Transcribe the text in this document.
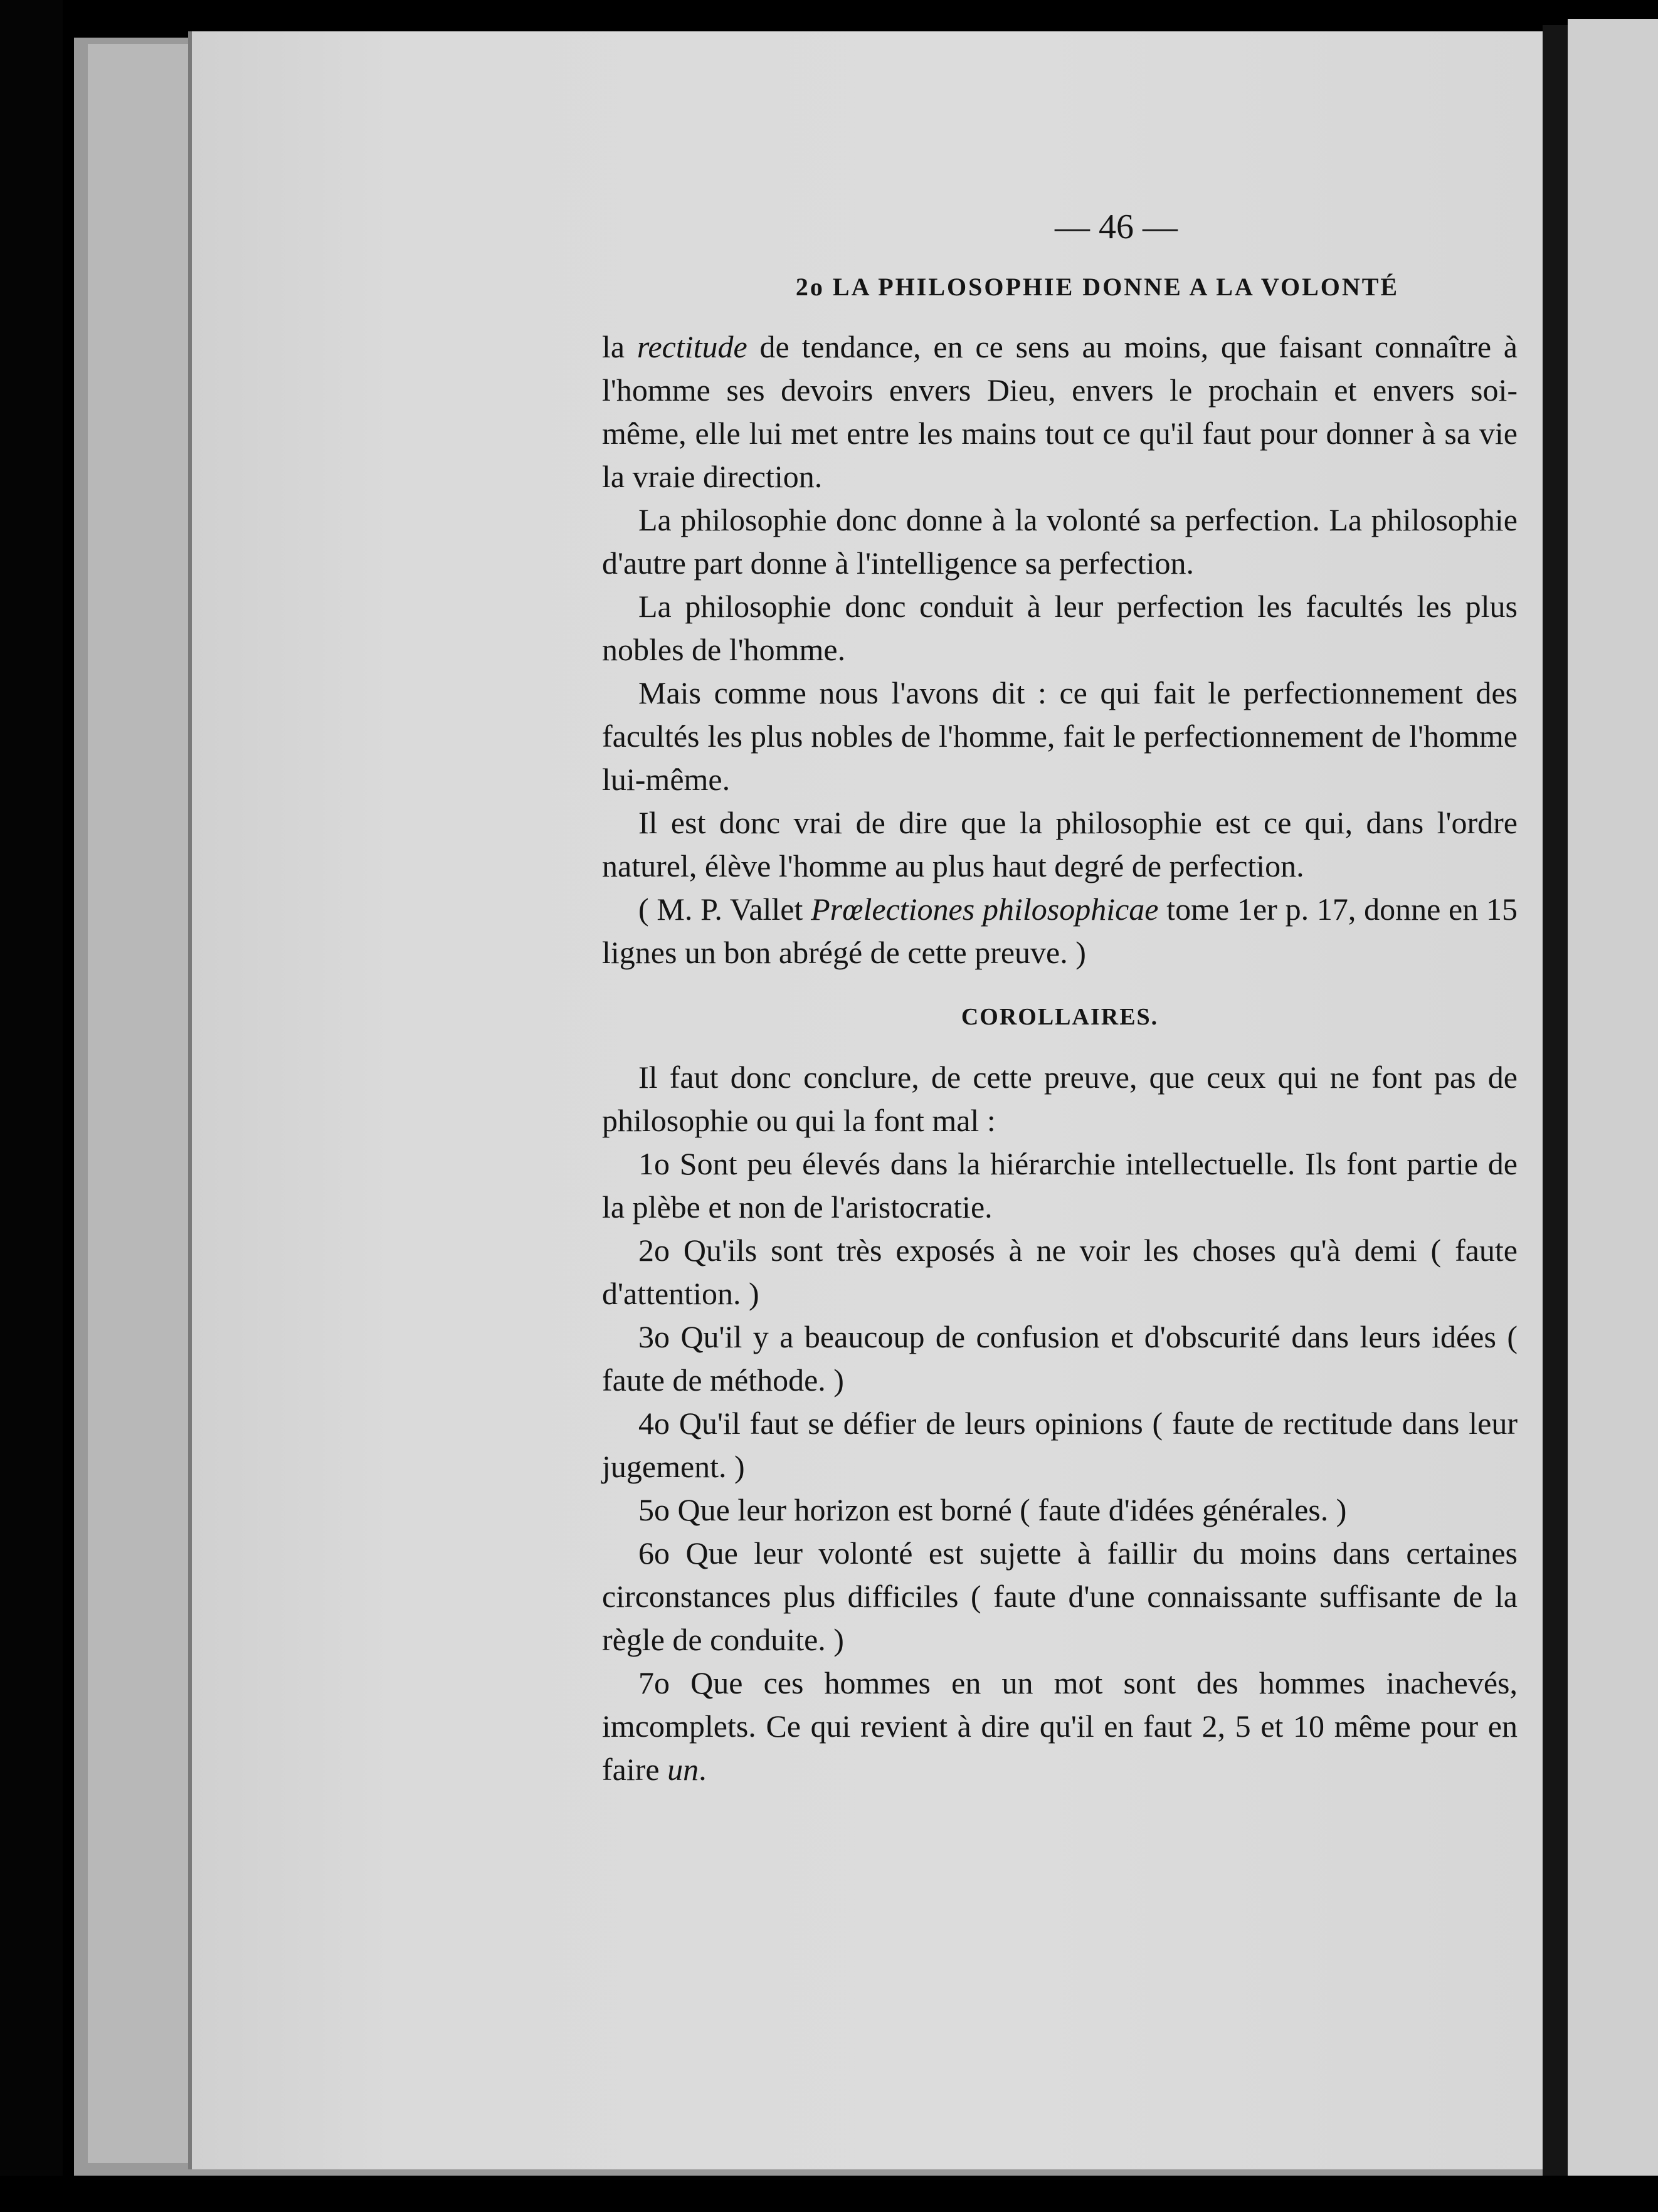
— 46 —
2o LA PHILOSOPHIE DONNE A LA VOLONTÉ

la rectitude de tendance, en ce sens au moins, que faisant connaître à l'homme ses devoirs envers Dieu, envers le prochain et envers soi-même, elle lui met entre les mains tout ce qu'il faut pour donner à sa vie la vraie direction.

La philosophie donc donne à la volonté sa perfection. La philosophie d'autre part donne à l'intelligence sa perfection.

La philosophie donc conduit à leur perfection les facultés les plus nobles de l'homme.

Mais comme nous l'avons dit : ce qui fait le perfectionnement des facultés les plus nobles de l'homme, fait le perfectionnement de l'homme lui-même.

Il est donc vrai de dire que la philosophie est ce qui, dans l'ordre naturel, élève l'homme au plus haut degré de perfection.

( M. P. Vallet Prœlectiones philosophicae tome 1er p. 17, donne en 15 lignes un bon abrégé de cette preuve. )

COROLLAIRES.

Il faut donc conclure, de cette preuve, que ceux qui ne font pas de philosophie ou qui la font mal :

1o Sont peu élevés dans la hiérarchie intellectuelle. Ils font partie de la plèbe et non de l'aristocratie.

2o Qu'ils sont très exposés à ne voir les choses qu'à demi ( faute d'attention. )

3o Qu'il y a beaucoup de confusion et d'obscurité dans leurs idées ( faute de méthode. )

4o Qu'il faut se défier de leurs opinions ( faute de rectitude dans leur jugement. )

5o Que leur horizon est borné ( faute d'idées générales. )

6o Que leur volonté est sujette à faillir du moins dans certaines circonstances plus difficiles ( faute d'une connaissante suffisante de la règle de conduite. )

7o Que ces hommes en un mot sont des hommes inachevés, imcomplets. Ce qui revient à dire qu'il en faut 2, 5 et 10 même pour en faire un.
